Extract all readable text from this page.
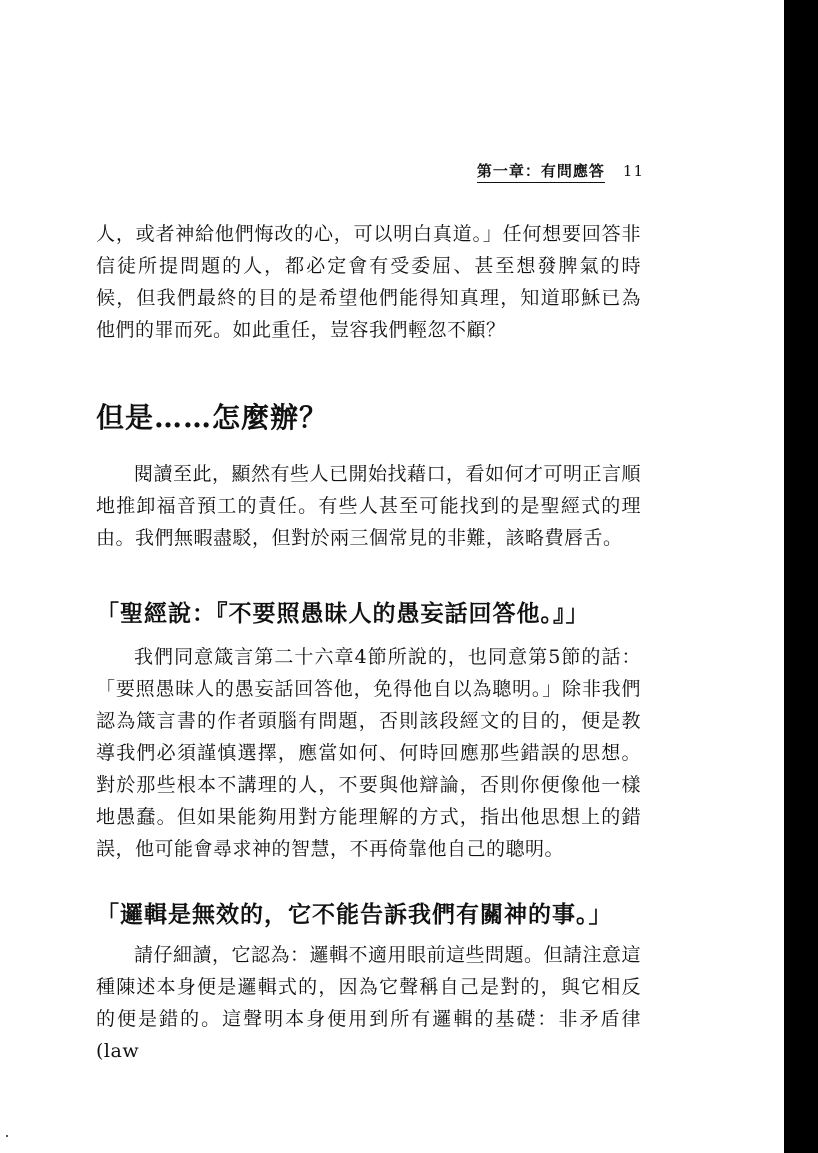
第一章：有問應答 11

人，或者神給他們悔改的心，可以明白真道。」任何想要回答非信徒所提問題的人，都必定會有受委屈、甚至想發脾氣的時候，但我們最終的目的是希望他們能得知真理，知道耶穌已為他們的罪而死。如此重任，豈容我們輕忽不顧？

但是……怎麼辦？

閱讀至此，顯然有些人已開始找藉口，看如何才可明正言順地推卸福音預工的責任。有些人甚至可能找到的是聖經式的理由。我們無暇盡駁，但對於兩三個常見的非難，該略費唇舌。

「聖經說：『不要照愚昧人的愚妄話回答他。』」

我們同意箴言第二十六章4節所說的，也同意第5節的話：「要照愚昧人的愚妄話回答他，免得他自以為聰明。」除非我們認為箴言書的作者頭腦有問題，否則該段經文的目的，便是教導我們必須謹慎選擇，應當如何、何時回應那些錯誤的思想。對於那些根本不講理的人，不要與他辯論，否則你便像他一樣地愚蠢。但如果能夠用對方能理解的方式，指出他思想上的錯誤，他可能會尋求神的智慧，不再倚靠他自己的聰明。

「邏輯是無效的，它不能告訴我們有關神的事。」

請仔細讀，它認為：邏輯不適用眼前這些問題。但請注意這種陳述本身便是邏輯式的，因為它聲稱自己是對的，與它相反的便是錯的。這聲明本身便用到所有邏輯的基礎：非矛盾律(law
